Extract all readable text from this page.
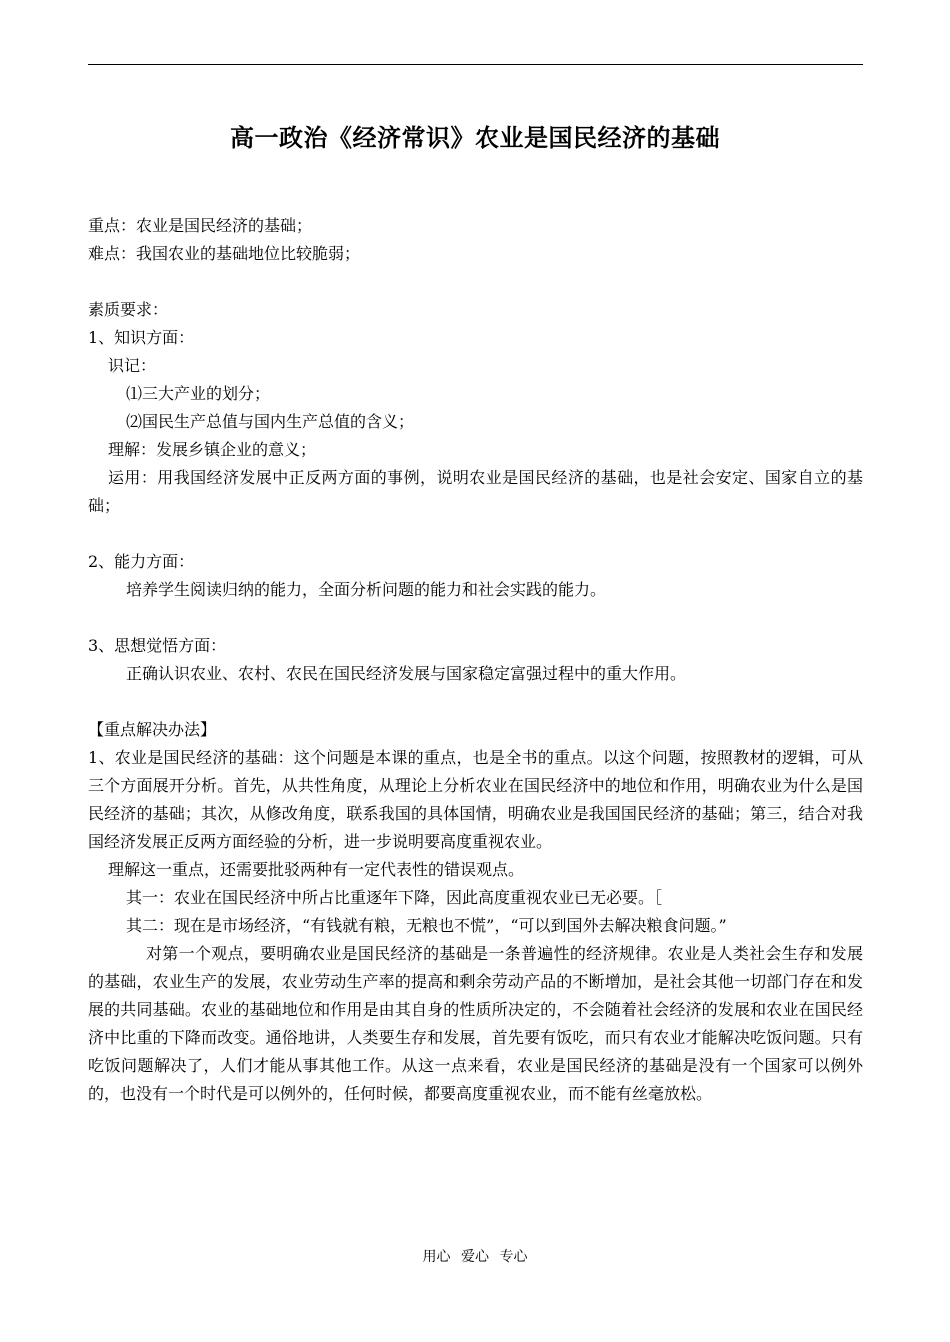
高一政治《经济常识》农业是国民经济的基础
重点：农业是国民经济的基础；
难点：我国农业的基础地位比较脆弱；
素质要求：
1、知识方面：
识记：
⑴三大产业的划分；
⑵国民生产总值与国内生产总值的含义；
理解：发展乡镇企业的意义；
运用：用我国经济发展中正反两方面的事例，说明农业是国民经济的基础，也是社会安定、国家自立的基础；
2、能力方面：
培养学生阅读归纳的能力，全面分析问题的能力和社会实践的能力。
3、思想觉悟方面：
正确认识农业、农村、农民在国民经济发展与国家稳定富强过程中的重大作用。
【重点解决办法】
1、农业是国民经济的基础：这个问题是本课的重点，也是全书的重点。以这个问题，按照教材的逻辑，可从三个方面展开分析。首先，从共性角度，从理论上分析农业在国民经济中的地位和作用，明确农业为什么是国民经济的基础；其次，从修改角度，联系我国的具体国情，明确农业是我国国民经济的基础；第三，结合对我国经济发展正反两方面经验的分析，进一步说明要高度重视农业。
理解这一重点，还需要批驳两种有一定代表性的错误观点。
其一：农业在国民经济中所占比重逐年下降，因此高度重视农业已无必要。［
其二：现在是市场经济，“有钱就有粮，无粮也不慌”，“可以到国外去解决粮食问题。”
对第一个观点，要明确农业是国民经济的基础是一条普遍性的经济规律。农业是人类社会生存和发展的基础，农业生产的发展，农业劳动生产率的提高和剩余劳动产品的不断增加，是社会其他一切部门存在和发展的共同基础。农业的基础地位和作用是由其自身的性质所决定的，不会随着社会经济的发展和农业在国民经济中比重的下降而改变。通俗地讲，人类要生存和发展，首先要有饭吃，而只有农业才能解决吃饭问题。只有吃饭问题解决了，人们才能从事其他工作。从这一点来看，农业是国民经济的基础是没有一个国家可以例外的，也没有一个时代是可以例外的，任何时候，都要高度重视农业，而不能有丝毫放松。
用心 爱心 专心
